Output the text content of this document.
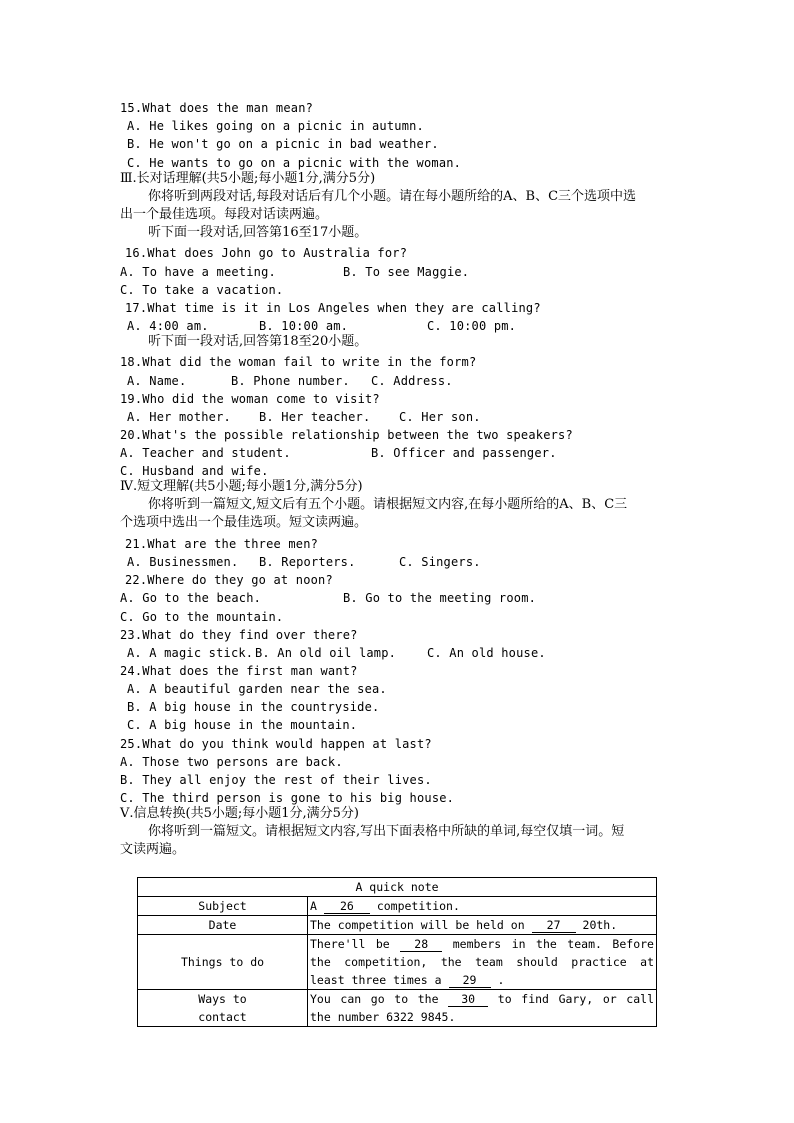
15.What does the man mean?
A. He likes going on a picnic in autumn.
B. He won't go on a picnic in bad weather.
C. He wants to go on a picnic with the woman.
Ⅲ.长对话理解(共5小题;每小题1分,满分5分)
你将听到两段对话,每段对话后有几个小题。请在每小题所给的A、B、C三个选项中选
出一个最佳选项。每段对话读两遍。
听下面一段对话,回答第16至17小题。
16.What does John go to Australia for?
A. To have a meeting.	B. To see Maggie.
C. To take a vacation.
17.What time is it in Los Angeles when they are calling?
A. 4:00 am.	B. 10:00 am.	C. 10:00 pm.
听下面一段对话,回答第18至20小题。
18.What did the woman fail to write in the form?
A. Name.	B. Phone number. C. Address.
19.Who did the woman come to visit?
A. Her mother. B. Her teacher. C. Her son.
20.What's the possible relationship between the two speakers?
A. Teacher and student.	B. Officer and passenger.
C. Husband and wife.
Ⅳ.短文理解(共5小题;每小题1分,满分5分)
你将听到一篇短文,短文后有五个小题。请根据短文内容,在每小题所给的A、B、C三
个选项中选出一个最佳选项。短文读两遍。
21.What are the three men?
A. Businessmen. B. Reporters.	C. Singers.
22.Where do they go at noon?
A. Go to the beach.	B. Go to the meeting room.
C. Go to the mountain.
23.What do they find over there?
A. A magic stick. B. An old oil lamp.	C. An old house.
24.What does the first man want?
A. A beautiful garden near the sea.
B. A big house in the countryside.
C. A big house in the mountain.
25.What do you think would happen at last?
A. Those two persons are back.
B. They all enjoy the rest of their lives.
C. The third person is gone to his big house.
Ⅴ.信息转换(共5小题;每小题1分,满分5分)
你将听到一篇短文。请根据短文内容,写出下面表格中所缺的单词,每空仅填一词。短
文读两遍。
A quick note	
Subject	A 26 competition.
Date	The competition will be held on 27 20th.
Things to do	There'll be 28 members in the team. Before the competition, the team should practice at least three times a 29 .
Ways to
contact	You can go to the 30 to find Gary, or call the number 6322 9845.
